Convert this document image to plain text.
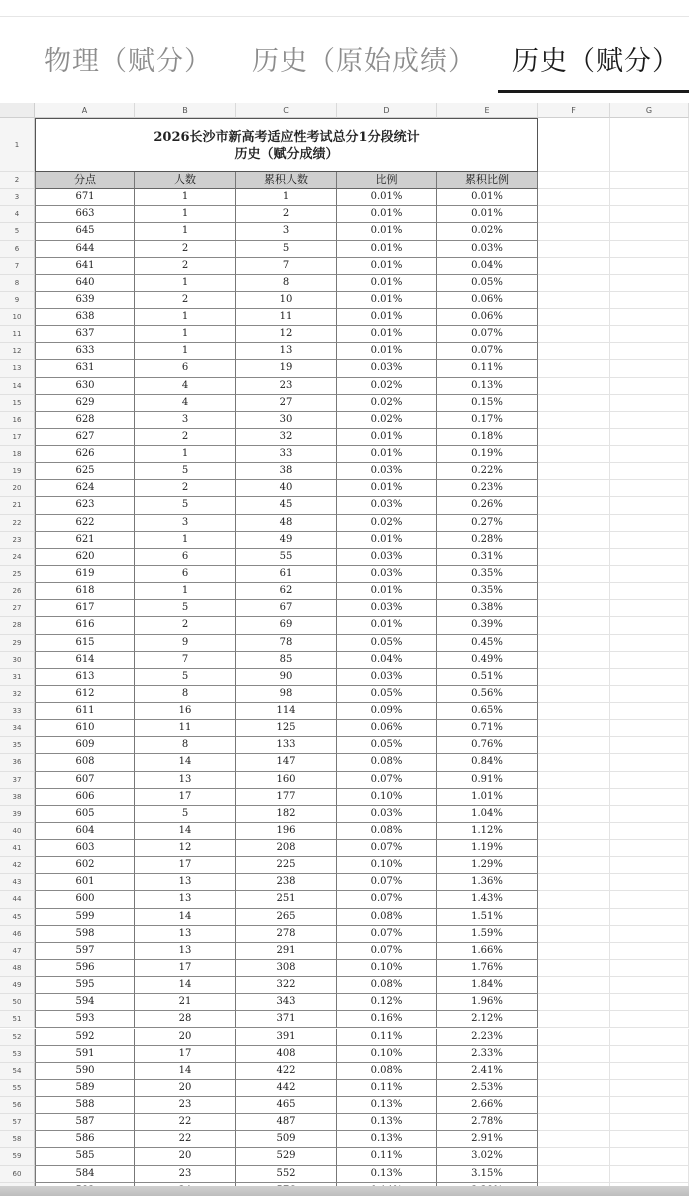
物理（赋分） 历史（原始成绩） 历史（赋分）
A	B	C	D	E	F	G
1
2
3
4
5
6
7
8
9
10
11
12
13
14
15
16
17
18
19
20
21
22
23
24
25
26
27
28
29
30
31
32
33
34
35
36
37
38
39
40
41
42
43
44
45
46
47
48
49
50
51
52
53
54
55
56
57
58
59
60
2026长沙市新高考适应性考试总分1分段统计
历史（赋分成绩）
分点	人数	累积人数	比例	累积比例
671	1	1	0.01%	0.01%
663	1	2	0.01%	0.01%
645	1	3	0.01%	0.02%
644	2	5	0.01%	0.03%
641	2	7	0.01%	0.04%
640	1	8	0.01%	0.05%
639	2	10	0.01%	0.06%
638	1	11	0.01%	0.06%
637	1	12	0.01%	0.07%
633	1	13	0.01%	0.07%
631	6	19	0.03%	0.11%
630	4	23	0.02%	0.13%
629	4	27	0.02%	0.15%
628	3	30	0.02%	0.17%
627	2	32	0.01%	0.18%
626	1	33	0.01%	0.19%
625	5	38	0.03%	0.22%
624	2	40	0.01%	0.23%
623	5	45	0.03%	0.26%
622	3	48	0.02%	0.27%
621	1	49	0.01%	0.28%
620	6	55	0.03%	0.31%
619	6	61	0.03%	0.35%
618	1	62	0.01%	0.35%
617	5	67	0.03%	0.38%
616	2	69	0.01%	0.39%
615	9	78	0.05%	0.45%
614	7	85	0.04%	0.49%
613	5	90	0.03%	0.51%
612	8	98	0.05%	0.56%
611	16	114	0.09%	0.65%
610	11	125	0.06%	0.71%
609	8	133	0.05%	0.76%
608	14	147	0.08%	0.84%
607	13	160	0.07%	0.91%
606	17	177	0.10%	1.01%
605	5	182	0.03%	1.04%
604	14	196	0.08%	1.12%
603	12	208	0.07%	1.19%
602	17	225	0.10%	1.29%
601	13	238	0.07%	1.36%
600	13	251	0.07%	1.43%
599	14	265	0.08%	1.51%
598	13	278	0.07%	1.59%
597	13	291	0.07%	1.66%
596	17	308	0.10%	1.76%
595	14	322	0.08%	1.84%
594	21	343	0.12%	1.96%
593	28	371	0.16%	2.12%
592	20	391	0.11%	2.23%
591	17	408	0.10%	2.33%
590	14	422	0.08%	2.41%
589	20	442	0.11%	2.53%
588	23	465	0.13%	2.66%
587	22	487	0.13%	2.78%
586	22	509	0.13%	2.91%
585	20	529	0.11%	3.02%
584	23	552	0.13%	3.15%
